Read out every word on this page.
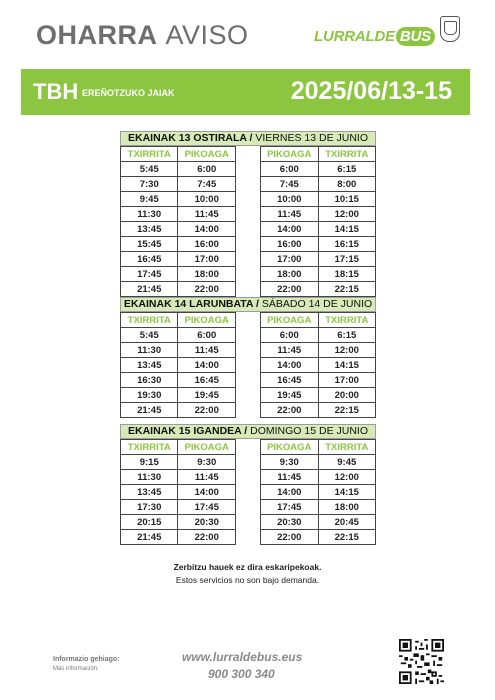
OHARRA AVISO	LURRALDE BUS
TBH EREÑOTZUKO JAIAK	2025/06/13-15
EKAINAK 13 OSTIRALA / VIERNES 13 DE JUNIO
TXIRRITA	PIKOAGA
5:45	6:00
7:30	7:45
9:45	10:00
11:30	11:45
13:45	14:00
15:45	16:00
16:45	17:00
17:45	18:00
21:45	22:00
PIKOAGA	TXIRRITA
6:00	6:15
7:45	8:00
10:00	10:15
11:45	12:00
14:00	14:15
16:00	16:15
17:00	17:15
18:00	18:15
22:00	22:15
EKAINAK 14 LARUNBATA / SÁBADO 14 DE JUNIO
TXIRRITA	PIKOAGA
5:45	6:00
11:30	11:45
13:45	14:00
16:30	16:45
19:30	19:45
21:45	22:00
PIKOAGA	TXIRRITA
6:00	6:15
11:45	12:00
14:00	14:15
16:45	17:00
19:45	20:00
22:00	22:15
EKAINAK 15 IGANDEA / DOMINGO 15 DE JUNIO
TXIRRITA	PIKOAGA
9:15	9:30
11:30	11:45
13:45	14:00
17:30	17:45
20:15	20:30
21:45	22:00
PIKOAGA	TXIRRITA
9:30	9:45
11:45	12:00
14:00	14:15
17:45	18:00
20:30	20:45
22:00	22:15
Zerbitzu hauek ez dira eskaripekoak.
Estos servicios no son bajo demanda.
Informazio gehiago:
Más información:
www.lurraldebus.eus
900 300 340
